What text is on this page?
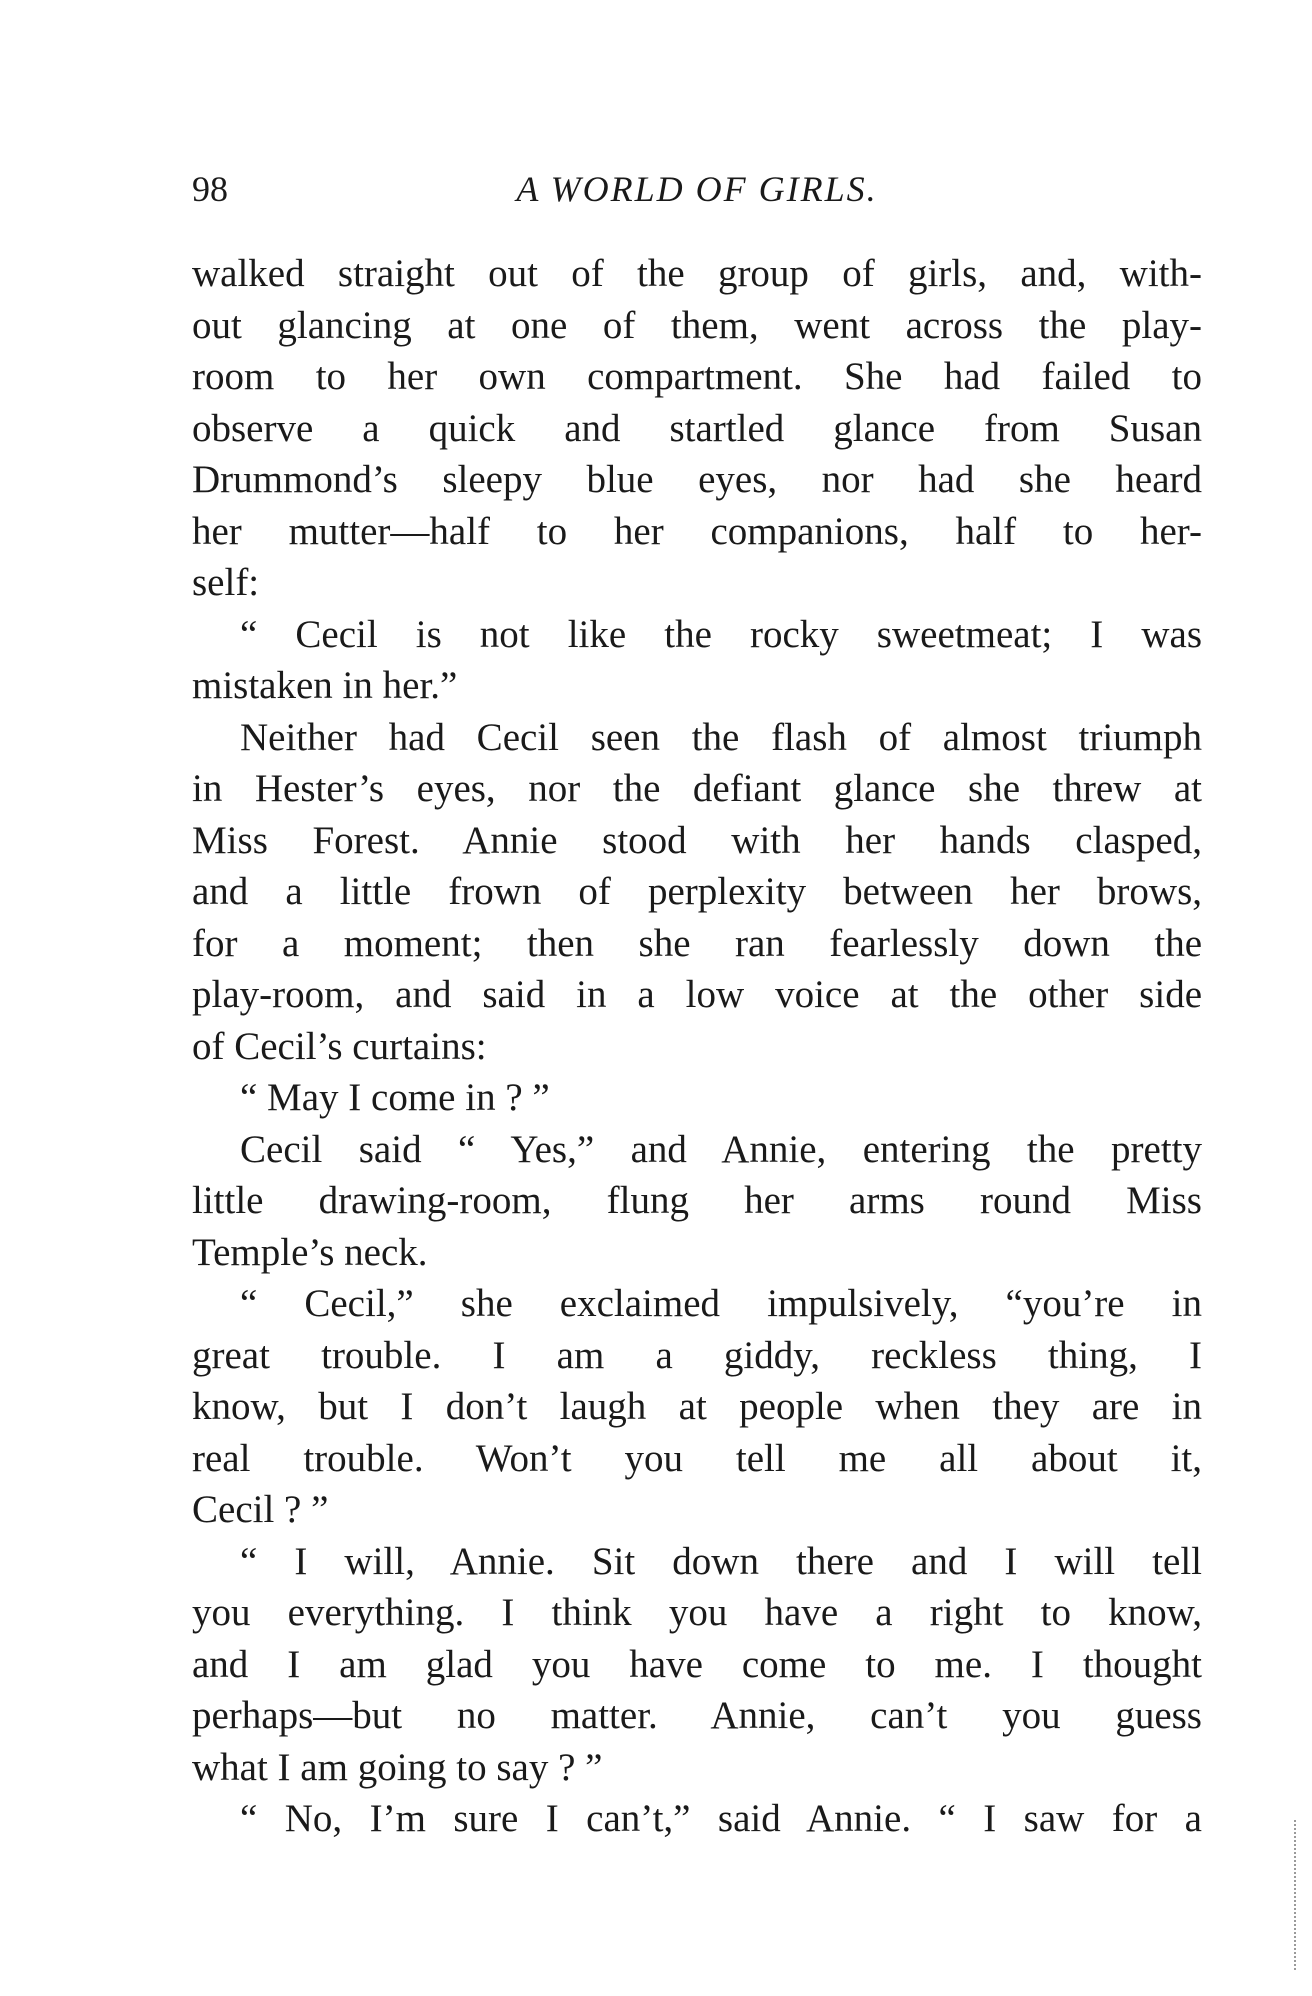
98	A WORLD OF GIRLS.
walked straight out of the group of girls, and, with-
out glancing at one of them, went across the play-
room to her own compartment. She had failed to
observe a quick and startled glance from Susan
Drummond’s sleepy blue eyes, nor had she heard
her mutter—half to her companions, half to her-
self:
“ Cecil is not like the rocky sweetmeat; I was
mistaken in her.”
Neither had Cecil seen the flash of almost triumph
in Hester’s eyes, nor the defiant glance she threw at
Miss Forest. Annie stood with her hands clasped,
and a little frown of perplexity between her brows,
for a moment; then she ran fearlessly down the
play-room, and said in a low voice at the other side
of Cecil’s curtains:
“ May I come in ? ”
Cecil said “ Yes,” and Annie, entering the pretty
little drawing-room, flung her arms round Miss
Temple’s neck.
“ Cecil,” she exclaimed impulsively, “you’re in
great trouble. I am a giddy, reckless thing, I
know, but I don’t laugh at people when they are in
real trouble. Won’t you tell me all about it,
Cecil ? ”
“ I will, Annie. Sit down there and I will tell
you everything. I think you have a right to know,
and I am glad you have come to me. I thought
perhaps—but no matter. Annie, can’t you guess
what I am going to say ? ”
“ No, I’m sure I can’t,” said Annie. “ I saw for a
